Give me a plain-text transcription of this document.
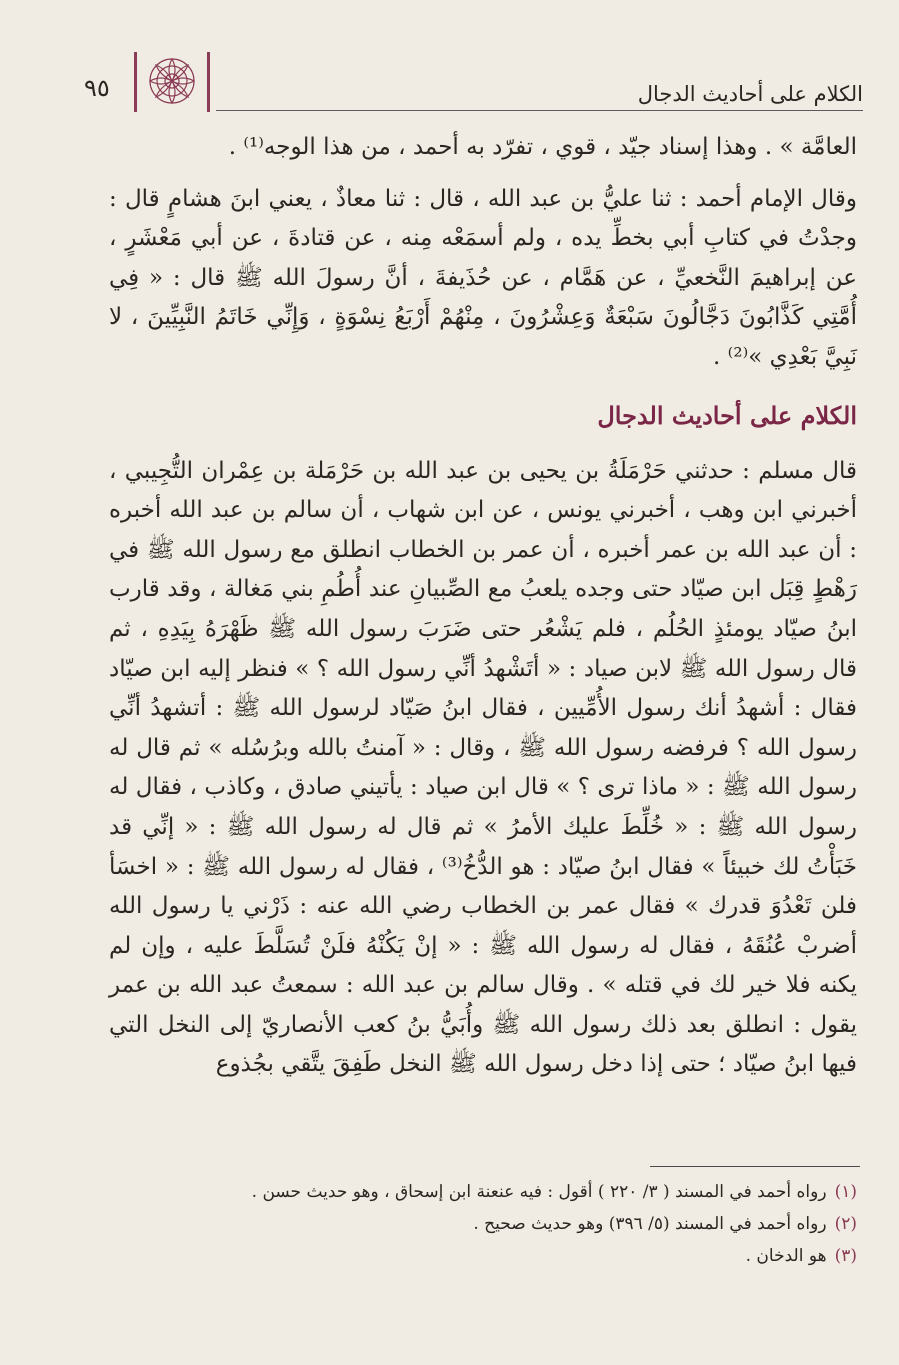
٩٥	الكلام على أحاديث الدجال

العامَّة » . وهذا إسناد جيّد ، قوي ، تفرّد به أحمد ، من هذا الوجه⁽¹⁾ .

وقال الإمام أحمد : ثنا عليُّ بن عبد الله ، قال : ثنا معاذٌ ، يعني ابنَ هشامٍ قال : وجدْتُ في كتابِ أبي بخطِّ يده ، ولم أسمَعْه مِنه ، عن قتادةَ ، عن أبي مَعْشَرٍ ، عن إبراهيمَ النَّخعيِّ ، عن هَمَّام ، عن حُذَيفةَ ، أنَّ رسولَ الله ﷺ قال : « فِي أُمَّتِي كَذَّابُونَ دَجَّالُونَ سَبْعَةٌ وَعِشْرُونَ ، مِنْهُمْ أَرْبَعُ نِسْوَةٍ ، وَإِنِّي خَاتَمُ النَّبِيِّينَ ، لا نَبِيَّ بَعْدِي »⁽²⁾ .

الكلام على أحاديث الدجال

قال مسلم : حدثني حَرْمَلَةُ بن يحيى بن عبد الله بن حَرْمَلة بن عِمْران التُّجِيبي ، أخبرني ابن وهب ، أخبرني يونس ، عن ابن شهاب ، أن سالم بن عبد الله أخبره : أن عبد الله بن عمر أخبره ، أن عمر بن الخطاب انطلق مع رسول الله ﷺ في رَهْطٍ قِبَل ابن صيّاد حتى وجده يلعبُ مع الصِّبيانِ عند أُطُمِ بني مَغالة ، وقد قارب ابنُ صيّاد يومئذٍ الحُلُم ، فلم يَشْعُر حتى ضَرَبَ رسول الله ﷺ ظَهْرَهُ بِيَدِهِ ، ثم قال رسول الله ﷺ لابن صياد : « أتَشْهدُ أنِّي رسول الله ؟ » فنظر إليه ابن صيّاد فقال : أشهدُ أنك رسول الأُمِّيين ، فقال ابنُ صَيّاد لرسول الله ﷺ : أتشهدُ أنِّي رسول الله ؟ فرفضه رسول الله ﷺ ، وقال : « آمنتُ بالله وبرُسُله » ثم قال له رسول الله ﷺ : « ماذا ترى ؟ » قال ابن صياد : يأتيني صادق ، وكاذب ، فقال له رسول الله ﷺ : « خُلِّطَ عليك الأمرُ » ثم قال له رسول الله ﷺ : « إنِّي قد خَبَأْتُ لك خبيئاً » فقال ابنُ صيّاد : هو الدُّخُ⁽³⁾ ، فقال له رسول الله ﷺ : « اخسَأ فلن تَعْدُوَ قدرك » فقال عمر بن الخطاب رضي الله عنه : ذَرْني يا رسول الله أضربْ عُنُقَهُ ، فقال له رسول الله ﷺ : « إنْ يَكُنْهُ فلَنْ تُسَلَّطَ عليه ، وإن لم يكنه فلا خير لك في قتله » . وقال سالم بن عبد الله : سمعتُ عبد الله بن عمر يقول : انطلق بعد ذلك رسول الله ﷺ وأُبَيُّ بنُ كعب الأنصاريّ إلى النخل التي فيها ابنُ صيّاد ؛ حتى إذا دخل رسول الله ﷺ النخل طَفِقَ يتَّقي بجُذوع

(١)رواه أحمد في المسند ( ٣/ ٢٢٠ ) أقول : فيه عنعنة ابن إسحاق ، وهو حديث حسن .

(٢)رواه أحمد في المسند (٥/ ٣٩٦) وهو حديث صحيح .

(٣)هو الدخان .
